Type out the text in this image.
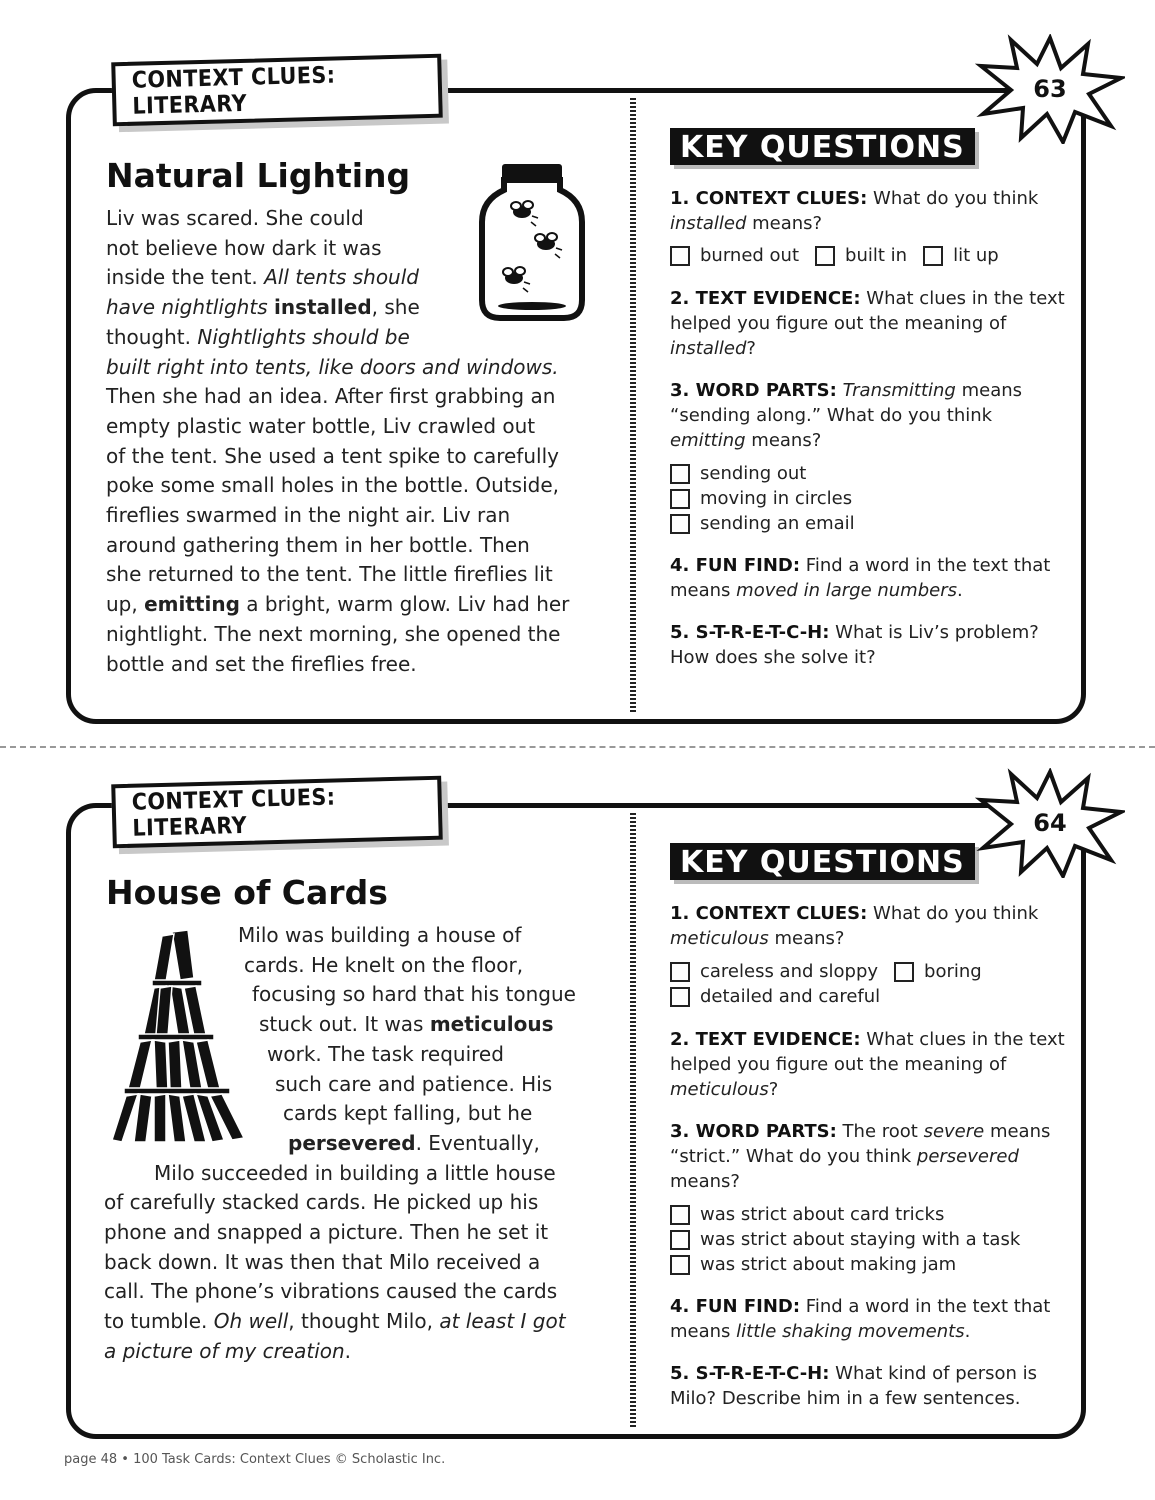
CONTEXT CLUES: LITERARY
63
Natural Lighting
Liv was scared. She could
not believe how dark it was
inside the tent. All tents should
have nightlights installed, she
thought. Nightlights should be
built right into tents, like doors and windows.
Then she had an idea. After first grabbing an
empty plastic water bottle, Liv crawled out
of the tent. She used a tent spike to carefully
poke some small holes in the bottle. Outside,
fireflies swarmed in the night air. Liv ran
around gathering them in her bottle. Then
she returned to the tent. The little fireflies lit
up, emitting a bright, warm glow. Liv had her
nightlight. The next morning, she opened the
bottle and set the fireflies free.
KEY QUESTIONS
1. CONTEXT CLUES: What do you think installed means?
burned out	built in	lit up
2. TEXT EVIDENCE: What clues in the text helped you figure out the meaning of installed?
3. WORD PARTS: Transmitting means “sending along.” What do you think emitting means?
sending out
moving in circles
sending an email
4. FUN FIND: Find a word in the text that means moved in large numbers.
5. S-T-R-E-T-C-H: What is Liv’s problem? How does she solve it?
CONTEXT CLUES: LITERARY	64
House of Cards
Milo was building a house of
cards. He knelt on the floor,
focusing so hard that his tongue
stuck out. It was meticulous
work. The task required
such care and patience. His
cards kept falling, but he
persevered. Eventually,
Milo succeeded in building a little house
of carefully stacked cards. He picked up his
phone and snapped a picture. Then he set it
back down. It was then that Milo received a
call. The phone’s vibrations caused the cards
to tumble. Oh well, thought Milo, at least I got
a picture of my creation.
KEY QUESTIONS
1. CONTEXT CLUES: What do you think meticulous means?
careless and sloppy	boring
detailed and careful
2. TEXT EVIDENCE: What clues in the text helped you figure out the meaning of meticulous?
3. WORD PARTS: The root severe means “strict.” What do you think persevered means?
was strict about card tricks
was strict about staying with a task
was strict about making jam
4. FUN FIND: Find a word in the text that means little shaking movements.
5. S-T-R-E-T-C-H: What kind of person is Milo? Describe him in a few sentences.
page 48 • 100 Task Cards: Context Clues © Scholastic Inc.
